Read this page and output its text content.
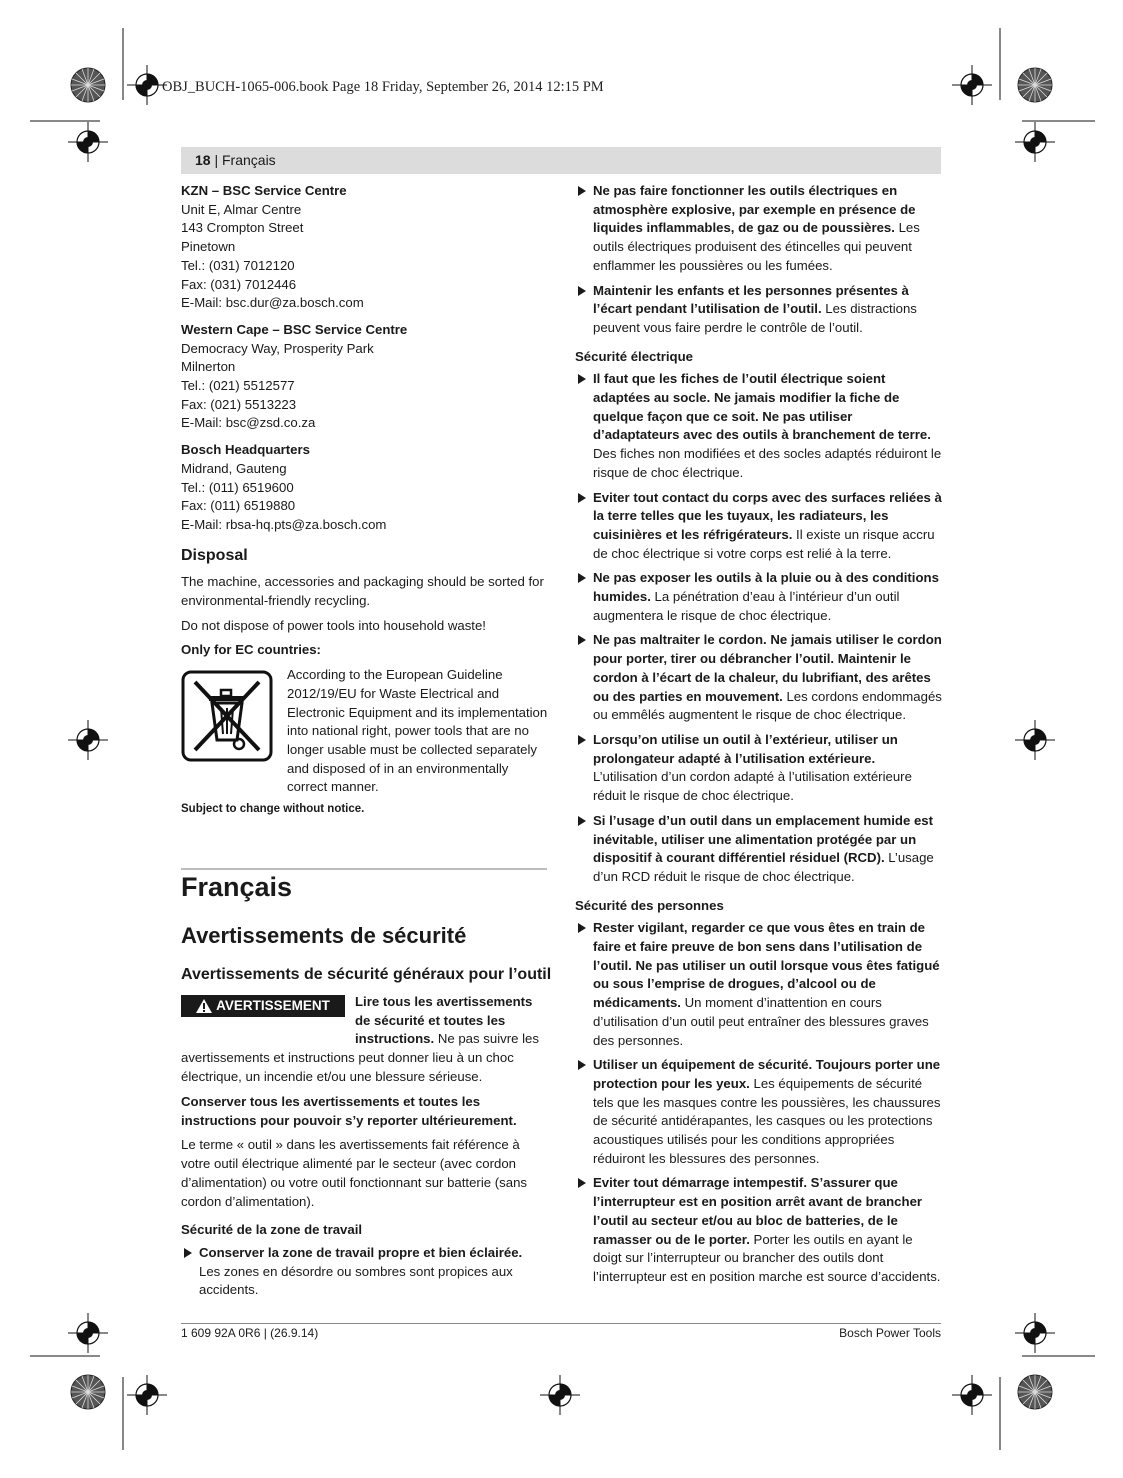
OBJ_BUCH-1065-006.book Page 18 Friday, September 26, 2014 12:15 PM
18 | Français
KZN – BSC Service Centre
Unit E, Almar Centre
143 Crompton Street
Pinetown
Tel.: (031) 7012120
Fax: (031) 7012446
E-Mail: bsc.dur@za.bosch.com
Western Cape – BSC Service Centre
Democracy Way, Prosperity Park
Milnerton
Tel.: (021) 5512577
Fax: (021) 5513223
E-Mail: bsc@zsd.co.za
Bosch Headquarters
Midrand, Gauteng
Tel.: (011) 6519600
Fax: (011) 6519880
E-Mail: rbsa-hq.pts@za.bosch.com
Disposal

The machine, accessories and packaging should be sorted for environmental-friendly recycling.

Do not dispose of power tools into household waste!

Only for EC countries:

According to the European Guideline 2012/19/EU for Waste Electrical and Electronic Equipment and its implementation into national right, power tools that are no longer usable must be collected separately and disposed of in an environmentally correct manner.
Subject to change without notice.
Français
Avertissements de sécurité
Avertissements de sécurité généraux pour l’outil
AVERTISSEMENT	Lire tous les avertissements de sécurité et toutes les instructions. Ne pas suivre les avertissements et instructions peut donner lieu à un choc électrique, un incendie et/ou une blessure sérieuse.

Conserver tous les avertissements et toutes les instructions pour pouvoir s’y reporter ultérieurement.

Le terme « outil » dans les avertissements fait référence à votre outil électrique alimenté par le secteur (avec cordon d’alimentation) ou votre outil fonctionnant sur batterie (sans cordon d’alimentation).

Sécurité de la zone de travail
Conserver la zone de travail propre et bien éclairée. Les zones en désordre ou sombres sont propices aux accidents.
Ne pas faire fonctionner les outils électriques en atmosphère explosive, par exemple en présence de liquides inflammables, de gaz ou de poussières. Les outils électriques produisent des étincelles qui peuvent enflammer les poussières ou les fumées.
Maintenir les enfants et les personnes présentes à l’écart pendant l’utilisation de l’outil. Les distractions peuvent vous faire perdre le contrôle de l’outil.
Sécurité électrique
Il faut que les fiches de l’outil électrique soient adaptées au socle. Ne jamais modifier la fiche de quelque façon que ce soit. Ne pas utiliser d’adaptateurs avec des outils à branchement de terre. Des fiches non modifiées et des socles adaptés réduiront le risque de choc électrique.
Eviter tout contact du corps avec des surfaces reliées à la terre telles que les tuyaux, les radiateurs, les cuisinières et les réfrigérateurs. Il existe un risque accru de choc électrique si votre corps est relié à la terre.
Ne pas exposer les outils à la pluie ou à des conditions humides. La pénétration d’eau à l’intérieur d’un outil augmentera le risque de choc électrique.
Ne pas maltraiter le cordon. Ne jamais utiliser le cordon pour porter, tirer ou débrancher l’outil. Maintenir le cordon à l’écart de la chaleur, du lubrifiant, des arêtes ou des parties en mouvement. Les cordons endommagés ou emmêlés augmentent le risque de choc électrique.
Lorsqu’on utilise un outil à l’extérieur, utiliser un prolongateur adapté à l’utilisation extérieure. L’utilisation d’un cordon adapté à l’utilisation extérieure réduit le risque de choc électrique.
Si l’usage d’un outil dans un emplacement humide est inévitable, utiliser une alimentation protégée par un dispositif à courant différentiel résiduel (RCD). L’usage d’un RCD réduit le risque de choc électrique.
Sécurité des personnes
Rester vigilant, regarder ce que vous êtes en train de faire et faire preuve de bon sens dans l’utilisation de l’outil. Ne pas utiliser un outil lorsque vous êtes fatigué ou sous l’emprise de drogues, d’alcool ou de médicaments. Un moment d’inattention en cours d’utilisation d’un outil peut entraîner des blessures graves des personnes.
Utiliser un équipement de sécurité. Toujours porter une protection pour les yeux. Les équipements de sécurité tels que les masques contre les poussières, les chaussures de sécurité antidérapantes, les casques ou les protections acoustiques utilisés pour les conditions appropriées réduiront les blessures des personnes.
Eviter tout démarrage intempestif. S’assurer que l’interrupteur est en position arrêt avant de brancher l’outil au secteur et/ou au bloc de batteries, de le ramasser ou de le porter. Porter les outils en ayant le doigt sur l’interrupteur ou brancher des outils dont l’interrupteur est en position marche est source d’accidents.
1 609 92A 0R6 | (26.9.14)	Bosch Power Tools
